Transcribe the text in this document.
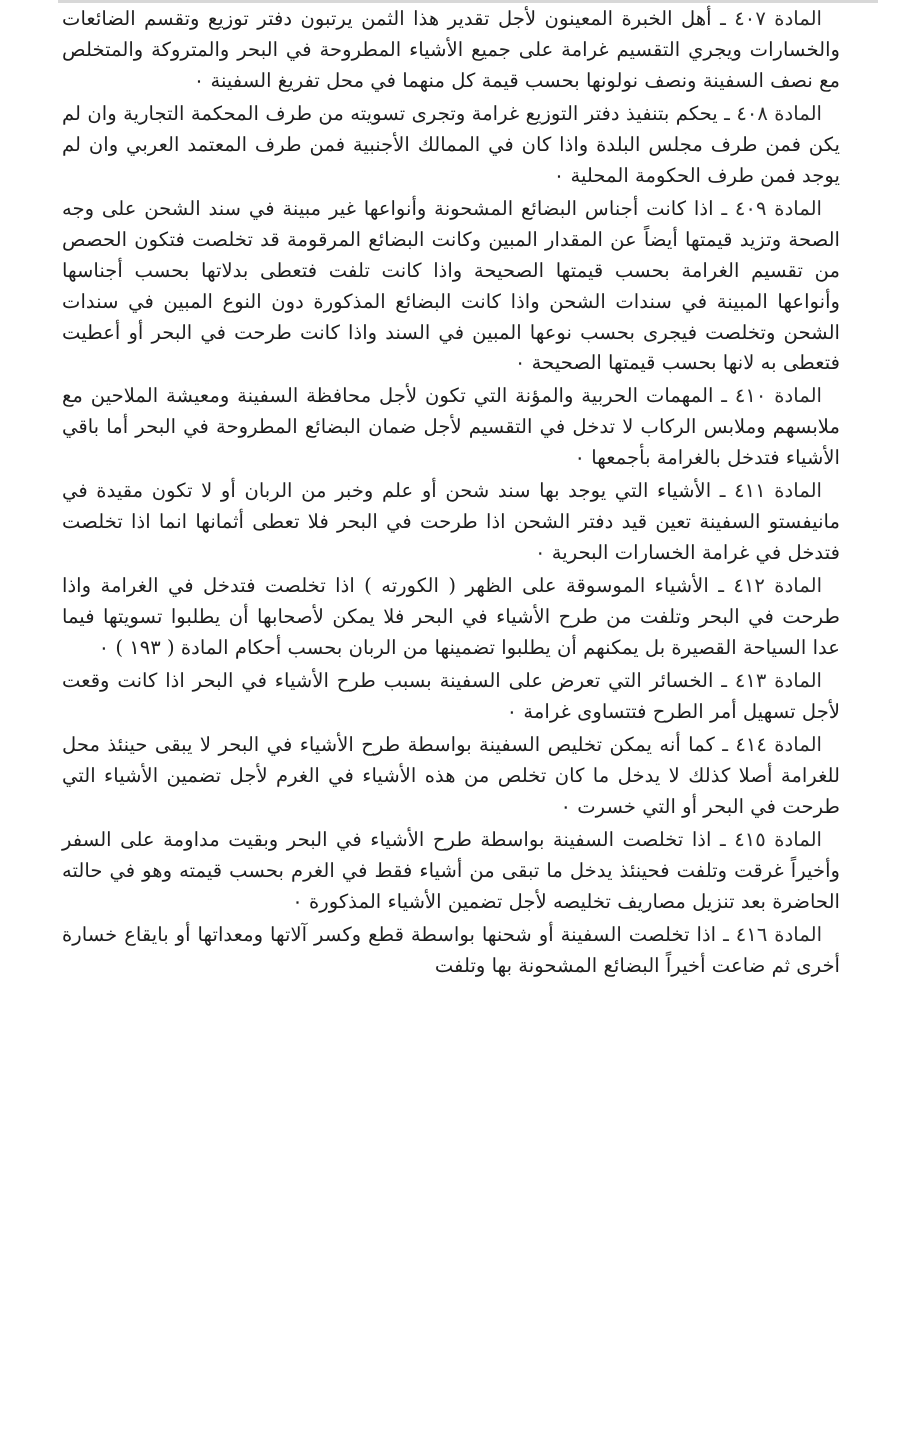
المادة ٤٠٧ ـ أهل الخبرة المعينون لأجل تقدير هذا الثمن يرتبون دفتر توزيع وتقسم الضائعات والخسارات ويجري التقسيم غرامة على جميع الأشياء المطروحة في البحر والمتروكة والمتخلص مع نصف السفينة ونصف نولونها بحسب قيمة كل منهما في محل تفريغ السفينة ٠

المادة ٤٠٨ ـ يحكم بتنفيذ دفتر التوزيع غرامة وتجرى تسويته من طرف المحكمة التجارية وان لم يكن فمن طرف مجلس البلدة واذا كان في الممالك الأجنبية فمن طرف المعتمد العربي وان لم يوجد فمن طرف الحكومة المحلية ٠

المادة ٤٠٩ ـ اذا كانت أجناس البضائع المشحونة وأنواعها غير مبينة في سند الشحن على وجه الصحة وتزيد قيمتها أيضاً عن المقدار المبين وكانت البضائع المرقومة قد تخلصت فتكون الحصص من تقسيم الغرامة بحسب قيمتها الصحيحة واذا كانت تلفت فتعطى بدلاتها بحسب أجناسها وأنواعها المبينة في سندات الشحن واذا كانت البضائع المذكورة دون النوع المبين في سندات الشحن وتخلصت فيجرى بحسب نوعها المبين في السند واذا كانت طرحت في البحر أو أعطيت فتعطى به لانها بحسب قيمتها الصحيحة ٠

المادة ٤١٠ ـ المهمات الحربية والمؤنة التي تكون لأجل محافظة السفينة ومعيشة الملاحين مع ملابسهم وملابس الركاب لا تدخل في التقسيم لأجل ضمان البضائع المطروحة في البحر أما باقي الأشياء فتدخل بالغرامة بأجمعها ٠

المادة ٤١١ ـ الأشياء التي يوجد بها سند شحن أو علم وخبر من الربان أو لا تكون مقيدة في مانيفستو السفينة تعين قيد دفتر الشحن اذا طرحت في البحر فلا تعطى أثمانها انما اذا تخلصت فتدخل في غرامة الخسارات البحرية ٠

المادة ٤١٢ ـ الأشياء الموسوقة على الظهر ( الكورته ) اذا تخلصت فتدخل في الغرامة واذا طرحت في البحر وتلفت من طرح الأشياء في البحر فلا يمكن لأصحابها أن يطلبوا تسويتها فيما عدا السياحة القصيرة بل يمكنهم أن يطلبوا تضمينها من الربان بحسب أحكام المادة ( ١٩٣ ) ٠

المادة ٤١٣ ـ الخسائر التي تعرض على السفينة بسبب طرح الأشياء في البحر اذا كانت وقعت لأجل تسهيل أمر الطرح فتتساوى غرامة ٠

المادة ٤١٤ ـ كما أنه يمكن تخليص السفينة بواسطة طرح الأشياء في البحر لا يبقى حينئذ محل للغرامة أصلا كذلك لا يدخل ما كان تخلص من هذه الأشياء في الغرم لأجل تضمين الأشياء التي طرحت في البحر أو التي خسرت ٠

المادة ٤١٥ ـ اذا تخلصت السفينة بواسطة طرح الأشياء في البحر وبقيت مداومة على السفر وأخيراً غرقت وتلفت فحينئذ يدخل ما تبقى من أشياء فقط في الغرم بحسب قيمته وهو في حالته الحاضرة بعد تنزيل مصاريف تخليصه لأجل تضمين الأشياء المذكورة ٠

المادة ٤١٦ ـ اذا تخلصت السفينة أو شحنها بواسطة قطع وكسر آلاتها ومعداتها أو بايقاع خسارة أخرى ثم ضاعت أخيراً البضائع المشحونة بها وتلفت
